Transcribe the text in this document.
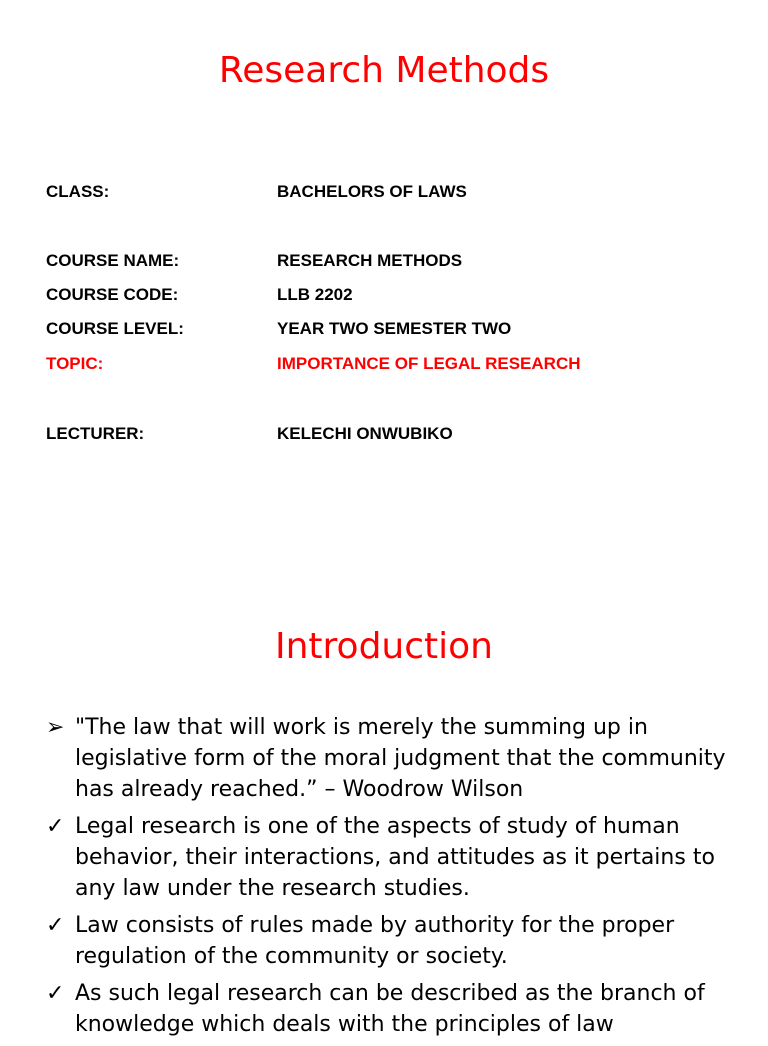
Research Methods
CLASS:	BACHELORS OF LAWS
COURSE NAME:	RESEARCH METHODS
COURSE CODE:	LLB 2202
COURSE LEVEL:	YEAR TWO SEMESTER TWO
TOPIC:	IMPORTANCE OF LEGAL RESEARCH
LECTURER:	KELECHI ONWUBIKO
Introduction
➢ "The law that will work is merely the summing up in legislative form of the moral judgment that the community has already reached.” – Woodrow Wilson
✓ Legal research is one of the aspects of study of human behavior, their interactions, and attitudes as it pertains to any law under the research studies.
✓ Law consists of rules made by authority for the proper regulation of the community or society.
✓ As such legal research can be described as the branch of knowledge which deals with the principles of law
